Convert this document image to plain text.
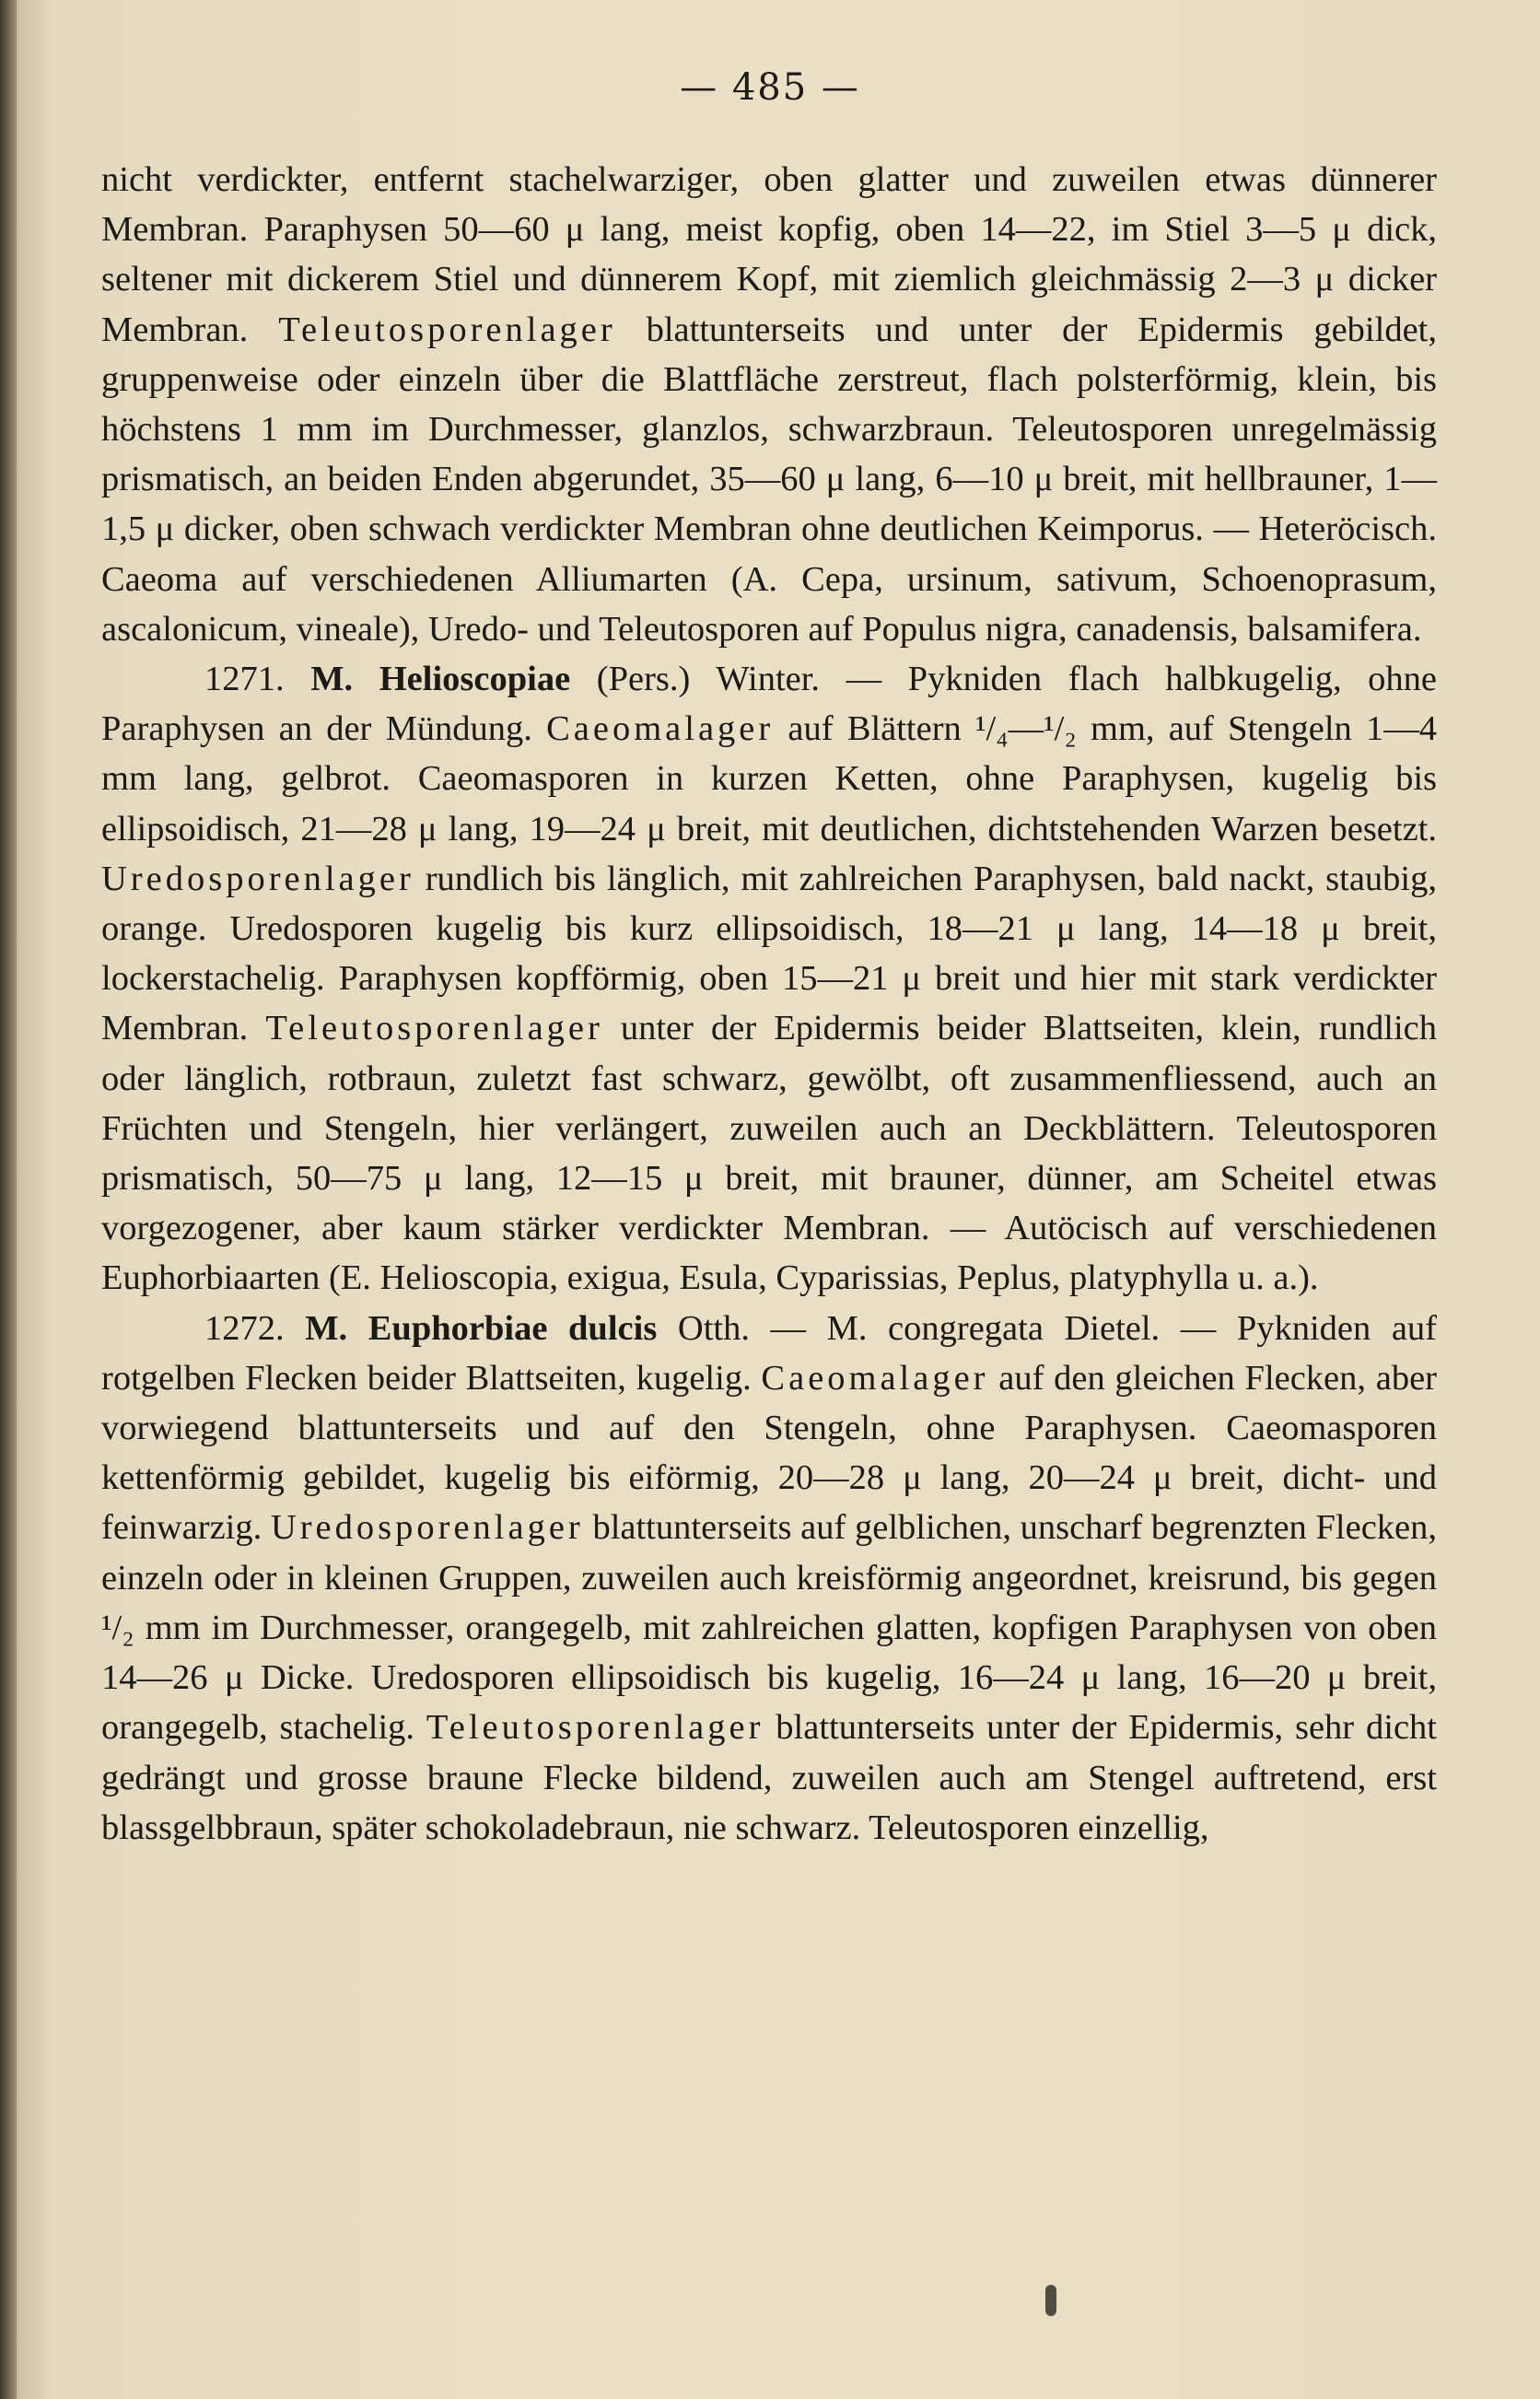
— 485 —

nicht verdickter, entfernt stachelwarziger, oben glatter und zuweilen etwas dünnerer Membran. Paraphysen 50—60 μ lang, meist kopfig, oben 14—22, im Stiel 3—5 μ dick, seltener mit dickerem Stiel und dünnerem Kopf, mit ziemlich gleichmässig 2—3 μ dicker Membran. Teleutosporenlager blattunterseits und unter der Epidermis gebildet, gruppenweise oder einzeln über die Blattfläche zerstreut, flach polsterförmig, klein, bis höchstens 1 mm im Durchmesser, glanzlos, schwarzbraun. Teleutosporen unregelmässig prismatisch, an beiden Enden abgerundet, 35—60 μ lang, 6—10 μ breit, mit hellbrauner, 1—1,5 μ dicker, oben schwach verdickter Membran ohne deutlichen Keimporus. — Heteröcisch. Caeoma auf verschiedenen Alliumarten (A. Cepa, ursinum, sativum, Schoenoprasum, ascalonicum, vineale), Uredo- und Teleutosporen auf Populus nigra, canadensis, balsamifera.

1271. M. Helioscopiae (Pers.) Winter. — Pykniden flach halbkugelig, ohne Paraphysen an der Mündung. Caeomalager auf Blättern ¹/₄—¹/₂ mm, auf Stengeln 1—4 mm lang, gelbrot. Caeomasporen in kurzen Ketten, ohne Paraphysen, kugelig bis ellipsoidisch, 21—28 μ lang, 19—24 μ breit, mit deutlichen, dichtstehenden Warzen besetzt. Uredosporenlager rundlich bis länglich, mit zahlreichen Paraphysen, bald nackt, staubig, orange. Uredosporen kugelig bis kurz ellipsoidisch, 18—21 μ lang, 14—18 μ breit, lockerstachelig. Paraphysen kopfförmig, oben 15—21 μ breit und hier mit stark verdickter Membran. Teleutosporenlager unter der Epidermis beider Blattseiten, klein, rundlich oder länglich, rotbraun, zuletzt fast schwarz, gewölbt, oft zusammenfliessend, auch an Früchten und Stengeln, hier verlängert, zuweilen auch an Deckblättern. Teleutosporen prismatisch, 50—75 μ lang, 12—15 μ breit, mit brauner, dünner, am Scheitel etwas vorgezogener, aber kaum stärker verdickter Membran. — Autöcisch auf verschiedenen Euphorbiaarten (E. Helioscopia, exigua, Esula, Cyparissias, Peplus, platyphylla u. a.).

1272. M. Euphorbiae dulcis Otth. — M. congregata Dietel. — Pykniden auf rotgelben Flecken beider Blattseiten, kugelig. Caeomalager auf den gleichen Flecken, aber vorwiegend blattunterseits und auf den Stengeln, ohne Paraphysen. Caeomasporen kettenförmig gebildet, kugelig bis eiförmig, 20—28 μ lang, 20—24 μ breit, dicht- und feinwarzig. Uredosporenlager blattunterseits auf gelblichen, unscharf begrenzten Flecken, einzeln oder in kleinen Gruppen, zuweilen auch kreisförmig angeordnet, kreisrund, bis gegen ¹/₂ mm im Durchmesser, orangegelb, mit zahlreichen glatten, kopfigen Paraphysen von oben 14—26 μ Dicke. Uredosporen ellipsoidisch bis kugelig, 16—24 μ lang, 16—20 μ breit, orangegelb, stachelig. Teleutosporenlager blattunterseits unter der Epidermis, sehr dicht gedrängt und grosse braune Flecke bildend, zuweilen auch am Stengel auftretend, erst blassgelbbraun, später schokoladebraun, nie schwarz. Teleutosporen einzellig,
